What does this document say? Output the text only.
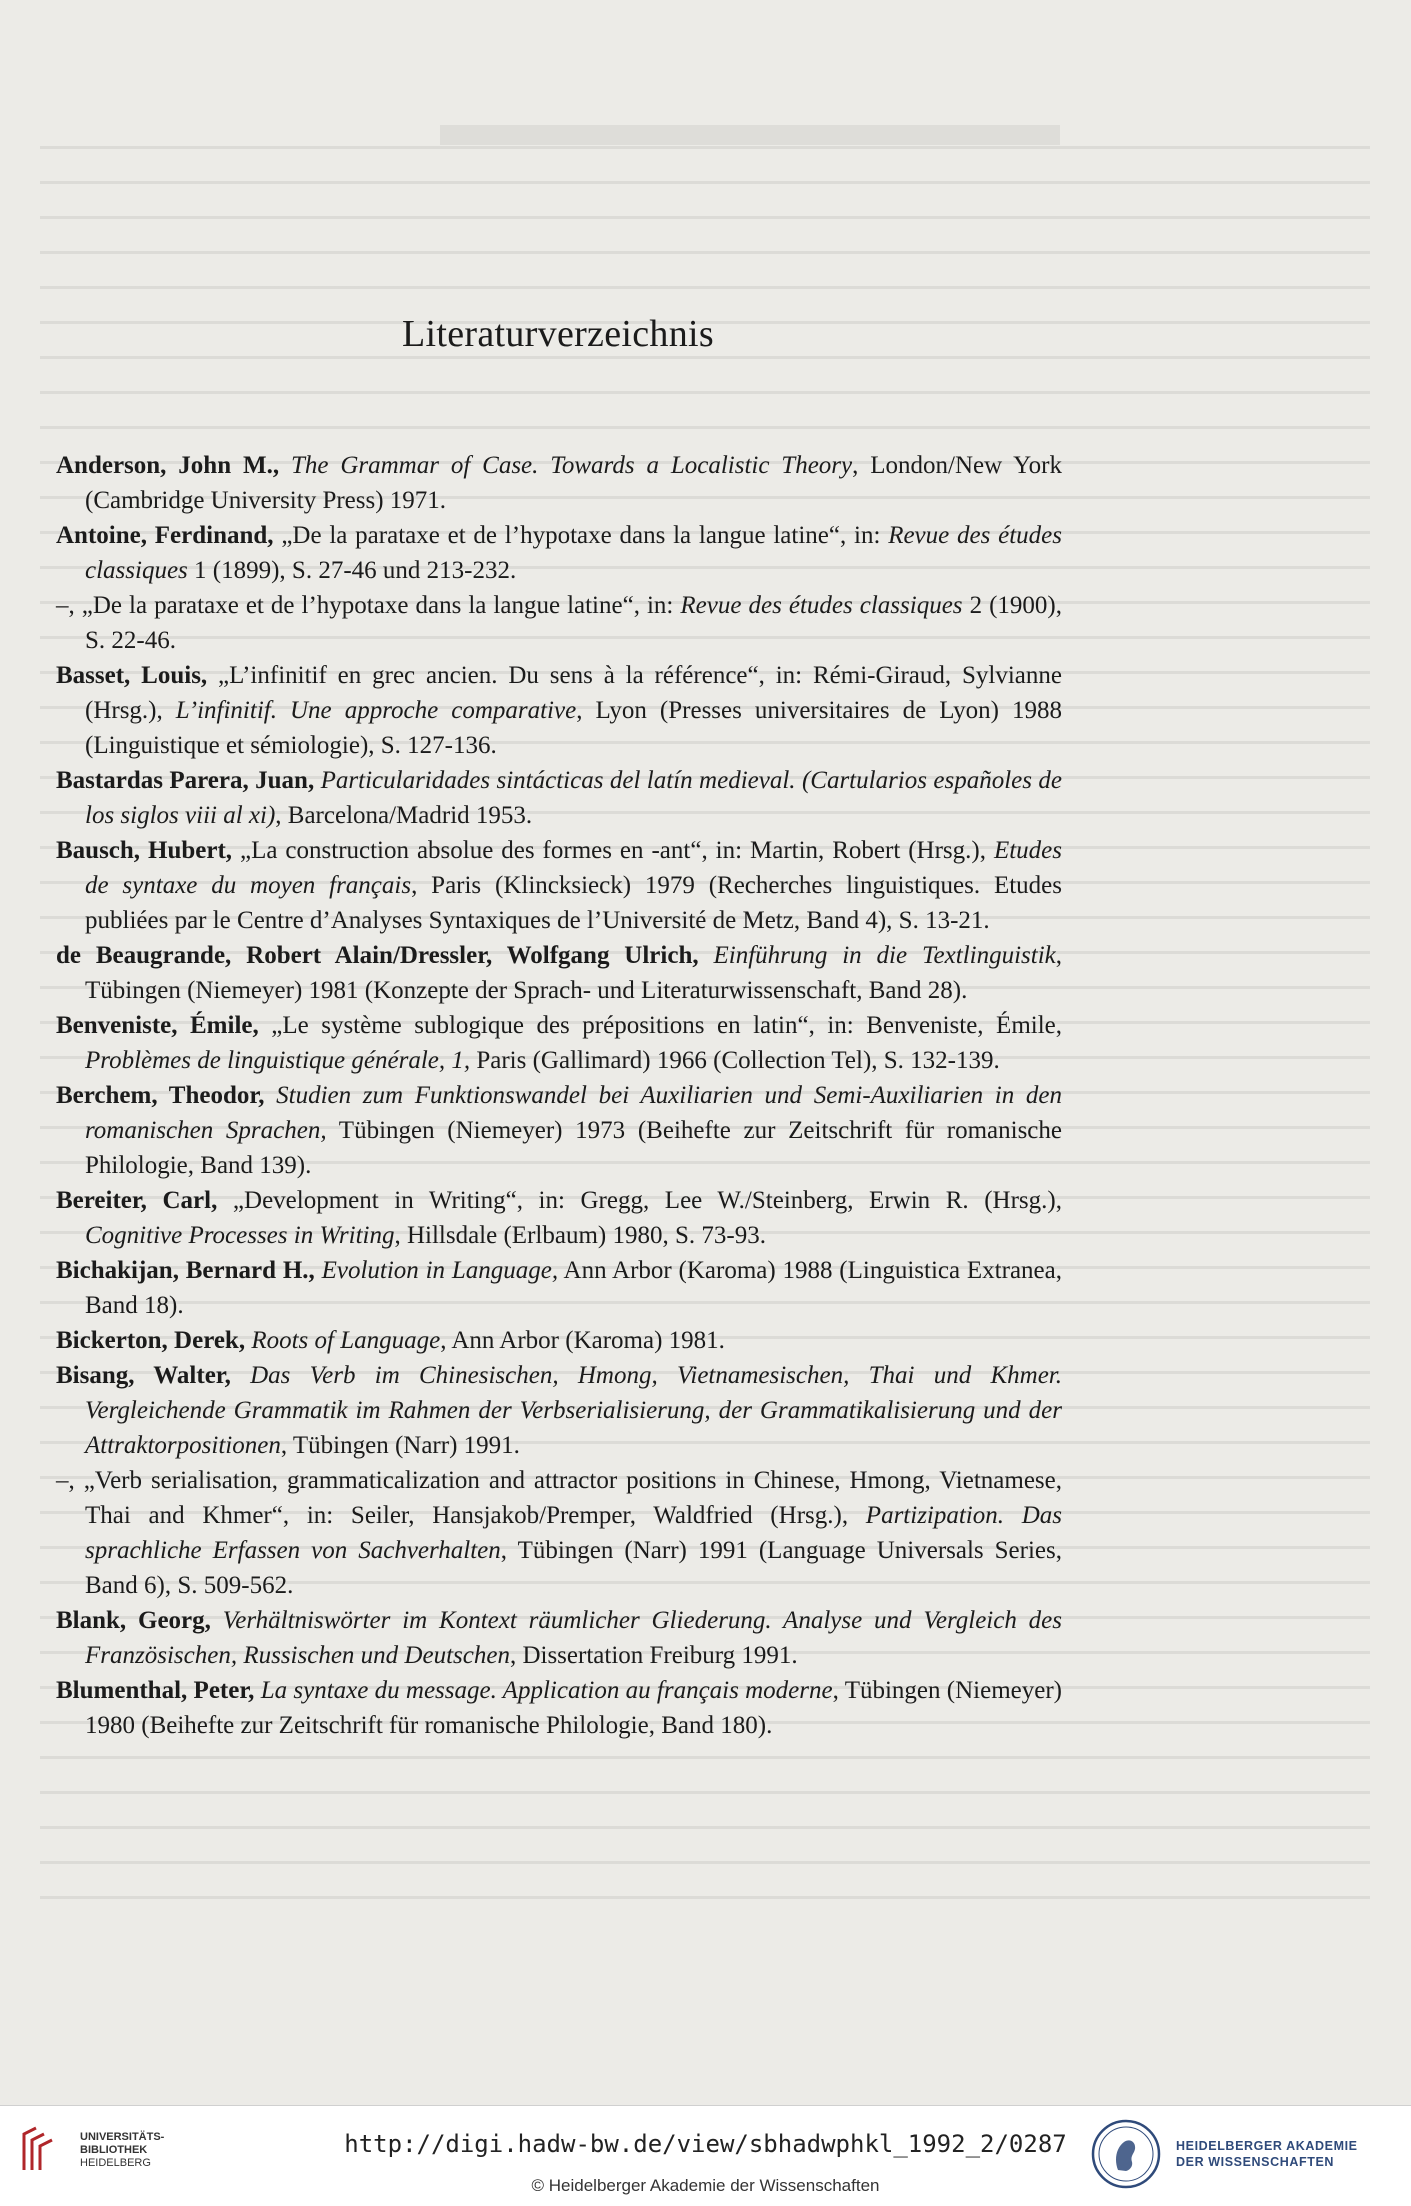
Literaturverzeichnis

Anderson, John M., The Grammar of Case. Towards a Localistic Theory, London/New York (Cambridge University Press) 1971.

Antoine, Ferdinand, „De la parataxe et de l’hypotaxe dans la langue latine“, in: Revue des études classiques 1 (1899), S. 27-46 und 213-232.

–, „De la parataxe et de l’hypotaxe dans la langue latine“, in: Revue des études classiques 2 (1900), S. 22-46.

Basset, Louis, „L’infinitif en grec ancien. Du sens à la référence“, in: Rémi-Giraud, Sylvianne (Hrsg.), L’infinitif. Une approche comparative, Lyon (Presses universitaires de Lyon) 1988 (Linguistique et sémiologie), S. 127-136.

Bastardas Parera, Juan, Particularidades sintácticas del latín medieval. (Cartularios españoles de los siglos viii al xi), Barcelona/Madrid 1953.

Bausch, Hubert, „La construction absolue des formes en -ant“, in: Martin, Robert (Hrsg.), Etudes de syntaxe du moyen français, Paris (Klincksieck) 1979 (Recherches linguistiques. Etudes publiées par le Centre d’Analyses Syntaxiques de l’Université de Metz, Band 4), S. 13-21.

de Beaugrande, Robert Alain/Dressler, Wolfgang Ulrich, Einführung in die Textlinguistik, Tübingen (Niemeyer) 1981 (Konzepte der Sprach- und Literaturwissenschaft, Band 28).

Benveniste, Émile, „Le système sublogique des prépositions en latin“, in: Benveniste, Émile, Problèmes de linguistique générale, 1, Paris (Gallimard) 1966 (Collection Tel), S. 132-139.

Berchem, Theodor, Studien zum Funktionswandel bei Auxiliarien und Semi-Auxiliarien in den romanischen Sprachen, Tübingen (Niemeyer) 1973 (Beihefte zur Zeitschrift für romanische Philologie, Band 139).

Bereiter, Carl, „Development in Writing“, in: Gregg, Lee W./Steinberg, Erwin R. (Hrsg.), Cognitive Processes in Writing, Hillsdale (Erlbaum) 1980, S. 73-93.

Bichakijan, Bernard H., Evolution in Language, Ann Arbor (Karoma) 1988 (Linguistica Extranea, Band 18).

Bickerton, Derek, Roots of Language, Ann Arbor (Karoma) 1981.

Bisang, Walter, Das Verb im Chinesischen, Hmong, Vietnamesischen, Thai und Khmer. Vergleichende Grammatik im Rahmen der Verbserialisierung, der Grammatikalisierung und der Attraktorpositionen, Tübingen (Narr) 1991.

–, „Verb serialisation, grammaticalization and attractor positions in Chinese, Hmong, Vietnamese, Thai and Khmer“, in: Seiler, Hansjakob/Premper, Waldfried (Hrsg.), Partizipation. Das sprachliche Erfassen von Sachverhalten, Tübingen (Narr) 1991 (Language Universals Series, Band 6), S. 509-562.

Blank, Georg, Verhältniswörter im Kontext räumlicher Gliederung. Analyse und Vergleich des Französischen, Russischen und Deutschen, Dissertation Freiburg 1991.

Blumenthal, Peter, La syntaxe du message. Application au français moderne, Tübingen (Niemeyer) 1980 (Beihefte zur Zeitschrift für romanische Philologie, Band 180).

UNIVERSITÄTS-
BIBLIOTHEK
HEIDELBERG
http://digi.hadw-bw.de/view/sbhadwphkl_1992_2/0287
© Heidelberger Akademie der Wissenschaften
HEIDELBERGER AKADEMIE
DER WISSENSCHAFTEN
